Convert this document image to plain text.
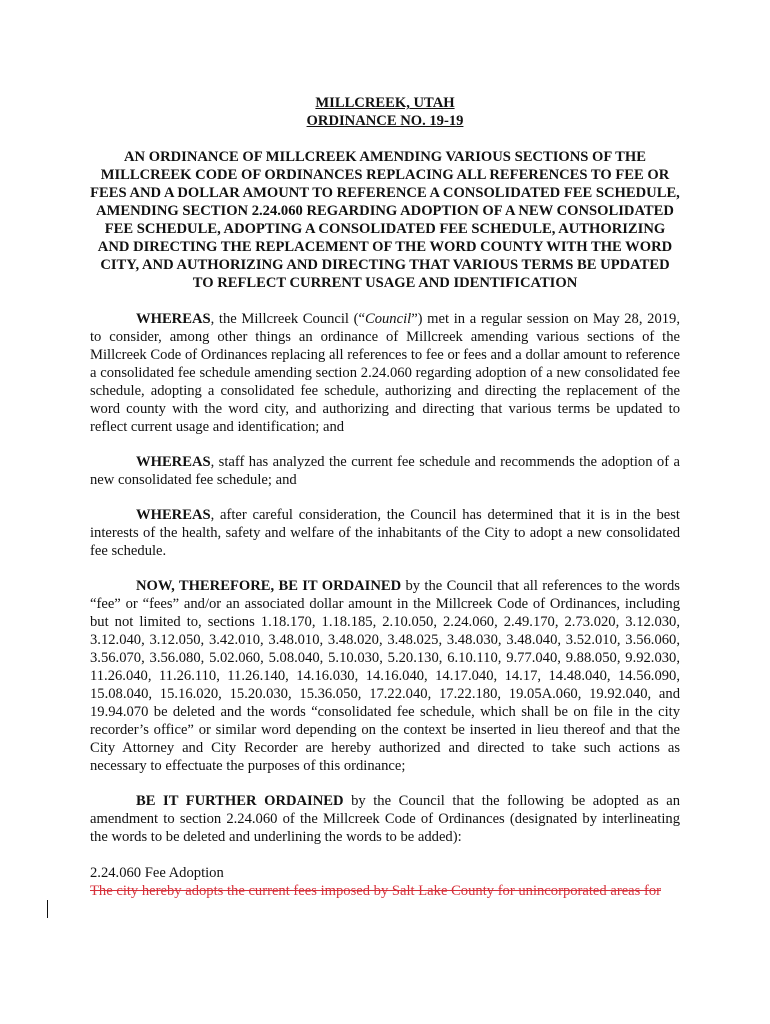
MILLCREEK, UTAH

ORDINANCE NO. 19-19

AN ORDINANCE OF MILLCREEK AMENDING VARIOUS SECTIONS OF THE MILLCREEK CODE OF ORDINANCES REPLACING ALL REFERENCES TO FEE OR FEES AND A DOLLAR AMOUNT TO REFERENCE A CONSOLIDATED FEE SCHEDULE, AMENDING SECTION 2.24.060 REGARDING ADOPTION OF A NEW CONSOLIDATED FEE SCHEDULE, ADOPTING A CONSOLIDATED FEE SCHEDULE, AUTHORIZING AND DIRECTING THE REPLACEMENT OF THE WORD COUNTY WITH THE WORD CITY, AND AUTHORIZING AND DIRECTING THAT VARIOUS TERMS BE UPDATED TO REFLECT CURRENT USAGE AND IDENTIFICATION

WHEREAS, the Millcreek Council (“Council”) met in a regular session on May 28, 2019, to consider, among other things an ordinance of Millcreek amending various sections of the Millcreek Code of Ordinances replacing all references to fee or fees and a dollar amount to reference a consolidated fee schedule amending section 2.24.060 regarding adoption of a new consolidated fee schedule, adopting a consolidated fee schedule, authorizing and directing the replacement of the word county with the word city, and authorizing and directing that various terms be updated to reflect current usage and identification; and

WHEREAS, staff has analyzed the current fee schedule and recommends the adoption of a new consolidated fee schedule; and

WHEREAS, after careful consideration, the Council has determined that it is in the best interests of the health, safety and welfare of the inhabitants of the City to adopt a new consolidated fee schedule.

NOW, THEREFORE, BE IT ORDAINED by the Council that all references to the words “fee” or “fees” and/or an associated dollar amount in the Millcreek Code of Ordinances, including but not limited to, sections 1.18.170, 1.18.185, 2.10.050, 2.24.060, 2.49.170, 2.73.020, 3.12.030, 3.12.040, 3.12.050, 3.42.010, 3.48.010, 3.48.020, 3.48.025, 3.48.030, 3.48.040, 3.52.010, 3.56.060, 3.56.070, 3.56.080, 5.02.060, 5.08.040, 5.10.030, 5.20.130, 6.10.110, 9.77.040, 9.88.050, 9.92.030, 11.26.040, 11.26.110, 11.26.140, 14.16.030, 14.16.040, 14.17.040, 14.17, 14.48.040, 14.56.090, 15.08.040, 15.16.020, 15.20.030, 15.36.050, 17.22.040, 17.22.180, 19.05A.060, 19.92.040, and 19.94.070 be deleted and the words “consolidated fee schedule, which shall be on file in the city recorder’s office” or similar word depending on the context be inserted in lieu thereof and that the City Attorney and City Recorder are hereby authorized and directed to take such actions as necessary to effectuate the purposes of this ordinance;

BE IT FURTHER ORDAINED by the Council that the following be adopted as an amendment to section 2.24.060 of the Millcreek Code of Ordinances (designated by interlineating the words to be deleted and underlining the words to be added):

2.24.060 Fee Adoption

The city hereby adopts the current fees imposed by Salt Lake County for unincorporated areas for
